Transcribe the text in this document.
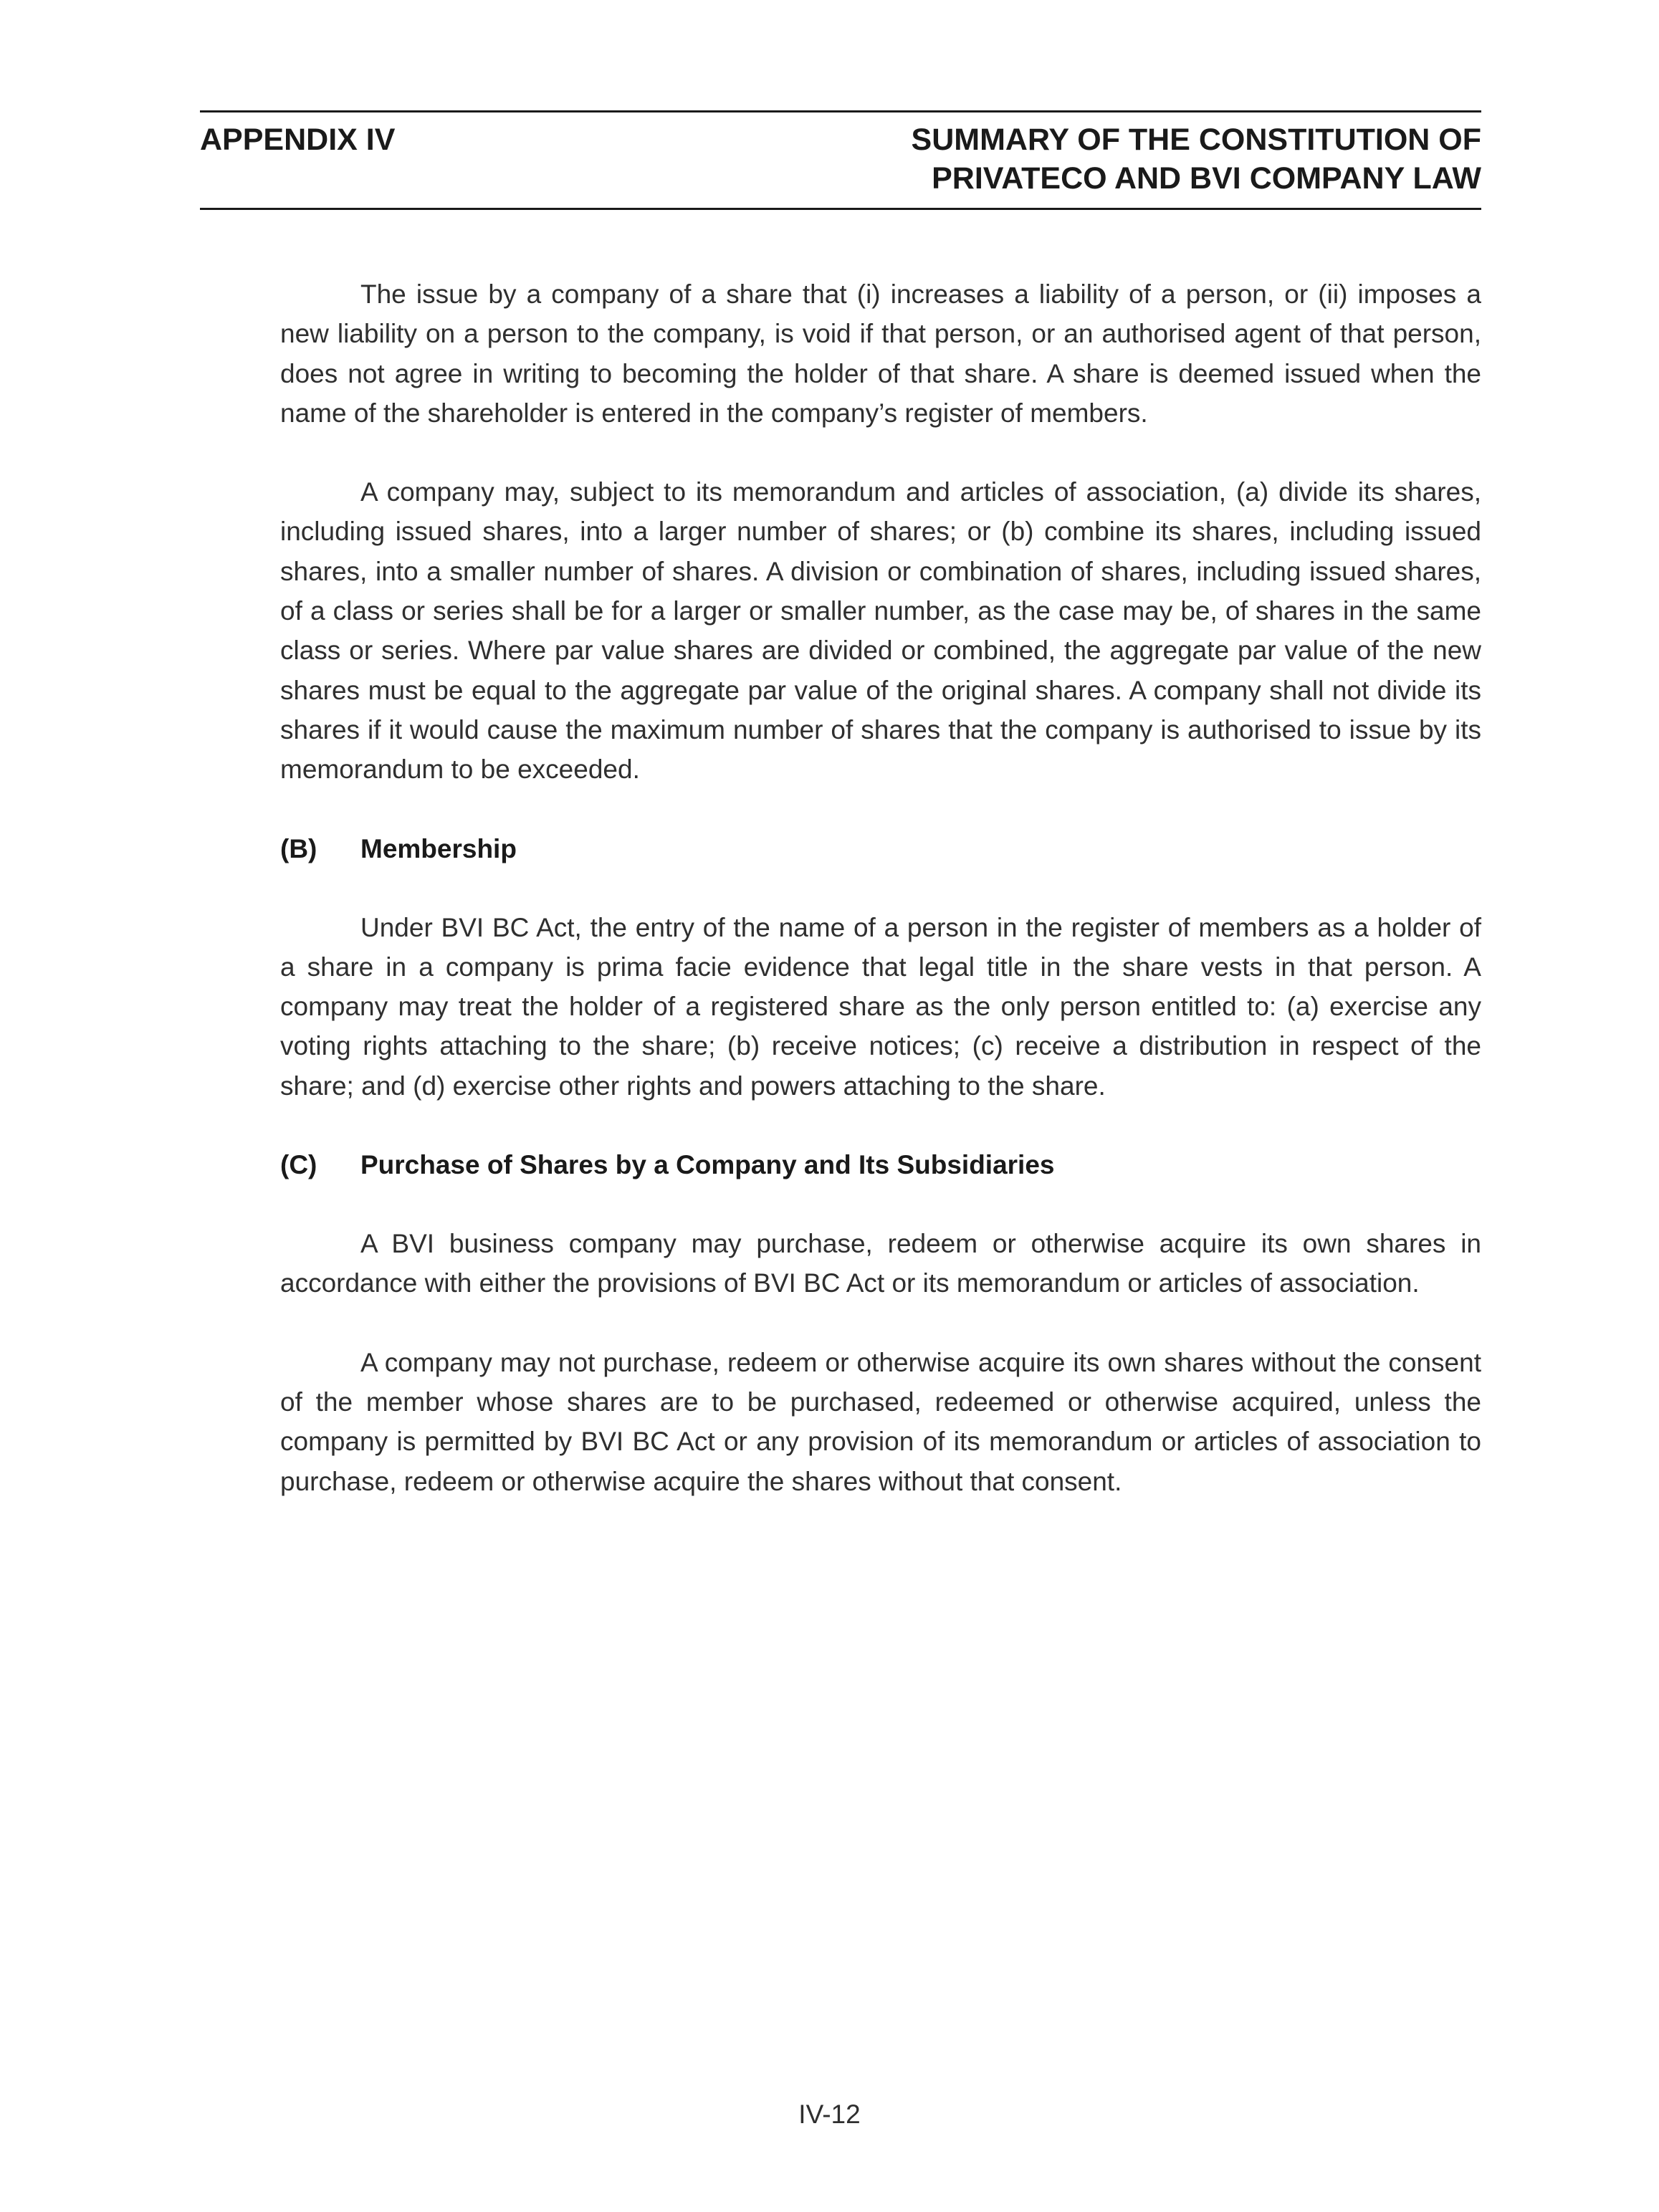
APPENDIX IV	SUMMARY OF THE CONSTITUTION OF
PRIVATECO AND BVI COMPANY LAW

The issue by a company of a share that (i) increases a liability of a person, or (ii) imposes a new liability on a person to the company, is void if that person, or an authorised agent of that person, does not agree in writing to becoming the holder of that share. A share is deemed issued when the name of the shareholder is entered in the company’s register of members.

A company may, subject to its memorandum and articles of association, (a) divide its shares, including issued shares, into a larger number of shares; or (b) combine its shares, including issued shares, into a smaller number of shares. A division or combination of shares, including issued shares, of a class or series shall be for a larger or smaller number, as the case may be, of shares in the same class or series. Where par value shares are divided or combined, the aggregate par value of the new shares must be equal to the aggregate par value of the original shares. A company shall not divide its shares if it would cause the maximum number of shares that the company is authorised to issue by its memorandum to be exceeded.

(B)	Membership

Under BVI BC Act, the entry of the name of a person in the register of members as a holder of a share in a company is prima facie evidence that legal title in the share vests in that person. A company may treat the holder of a registered share as the only person entitled to: (a) exercise any voting rights attaching to the share; (b) receive notices; (c) receive a distribution in respect of the share; and (d) exercise other rights and powers attaching to the share.

(C)	Purchase of Shares by a Company and Its Subsidiaries

A BVI business company may purchase, redeem or otherwise acquire its own shares in accordance with either the provisions of BVI BC Act or its memorandum or articles of association.

A company may not purchase, redeem or otherwise acquire its own shares without the consent of the member whose shares are to be purchased, redeemed or otherwise acquired, unless the company is permitted by BVI BC Act or any provision of its memorandum or articles of association to purchase, redeem or otherwise acquire the shares without that consent.

IV-12
